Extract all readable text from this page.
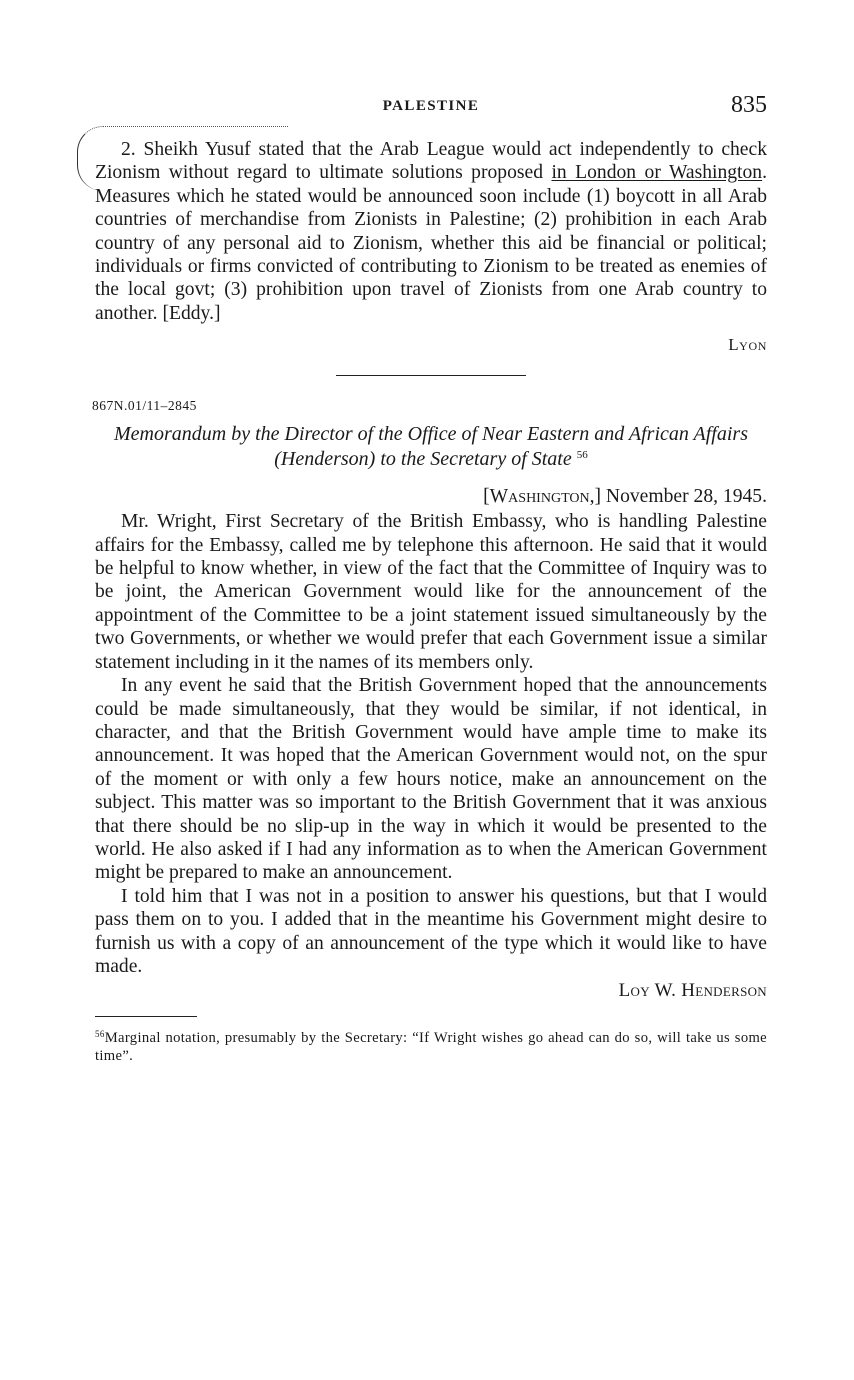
PALESTINE	835

2. Sheikh Yusuf stated that the Arab League would act independently to check Zionism without regard to ultimate solutions proposed in London or Washington. Measures which he stated would be announced soon include (1) boycott in all Arab countries of merchandise from Zionists in Palestine; (2) prohibition in each Arab country of any personal aid to Zionism, whether this aid be financial or political; individuals or firms convicted of contributing to Zionism to be treated as enemies of the local govt; (3) prohibition upon travel of Zionists from one Arab country to another. [Eddy.]

Lyon
867N.01/11–2845
Memorandum by the Director of the Office of Near Eastern and African Affairs (Henderson) to the Secretary of State $^{56}$
[Washington,] November 28, 1945.

Mr. Wright, First Secretary of the British Embassy, who is handling Palestine affairs for the Embassy, called me by telephone this afternoon. He said that it would be helpful to know whether, in view of the fact that the Committee of Inquiry was to be joint, the American Government would like for the announcement of the appointment of the Committee to be a joint statement issued simultaneously by the two Governments, or whether we would prefer that each Government issue a similar statement including in it the names of its members only.

In any event he said that the British Government hoped that the announcements could be made simultaneously, that they would be similar, if not identical, in character, and that the British Government would have ample time to make its announcement. It was hoped that the American Government would not, on the spur of the moment or with only a few hours notice, make an announcement on the subject. This matter was so important to the British Government that it was anxious that there should be no slip-up in the way in which it would be presented to the world. He also asked if I had any information as to when the American Government might be prepared to make an announcement.

I told him that I was not in a position to answer his questions, but that I would pass them on to you. I added that in the meantime his Government might desire to furnish us with a copy of an announcement of the type which it would like to have made.

Loy W. Henderson
$^{56}$Marginal notation, presumably by the Secretary: “If Wright wishes go ahead can do so, will take us some time”.
